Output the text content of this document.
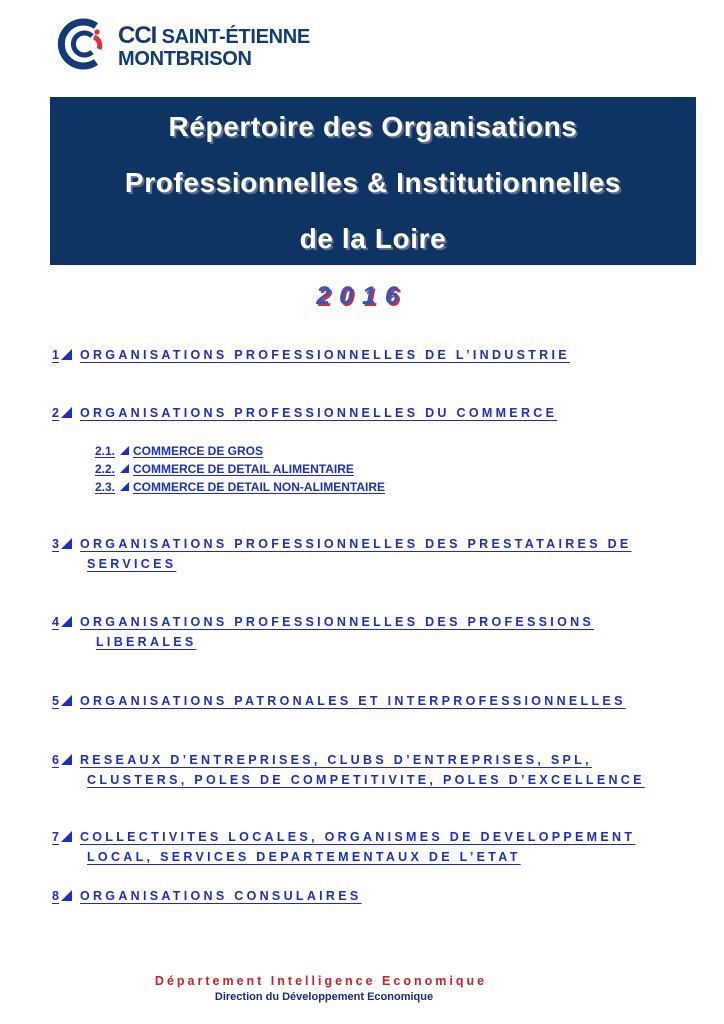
CCI SAINT-ÉTIENNE
MONTBRISON
Répertoire des Organisations
Professionnelles & Institutionnelles
de la Loire
2016
1 ORGANISATIONS PROFESSIONNELLES DE L’INDUSTRIE
2 ORGANISATIONS PROFESSIONNELLES DU COMMERCE
2.1. COMMERCE DE GROS
2.2. COMMERCE DE DETAIL ALIMENTAIRE
2.3. COMMERCE DE DETAIL NON-ALIMENTAIRE
3 ORGANISATIONS PROFESSIONNELLES DES PRESTATAIRES DE
SERVICES
4 ORGANISATIONS PROFESSIONNELLES DES PROFESSIONS
LIBERALES
5 ORGANISATIONS PATRONALES ET INTERPROFESSIONNELLES
6 RESEAUX D’ENTREPRISES, CLUBS D’ENTREPRISES, SPL,
CLUSTERS, POLES DE COMPETITIVITE, POLES D’EXCELLENCE
7 COLLECTIVITES LOCALES, ORGANISMES DE DEVELOPPEMENT
LOCAL, SERVICES DEPARTEMENTAUX DE L’ETAT
8 ORGANISATIONS CONSULAIRES
Département Intelligence Economique
Direction du Développement Economique
